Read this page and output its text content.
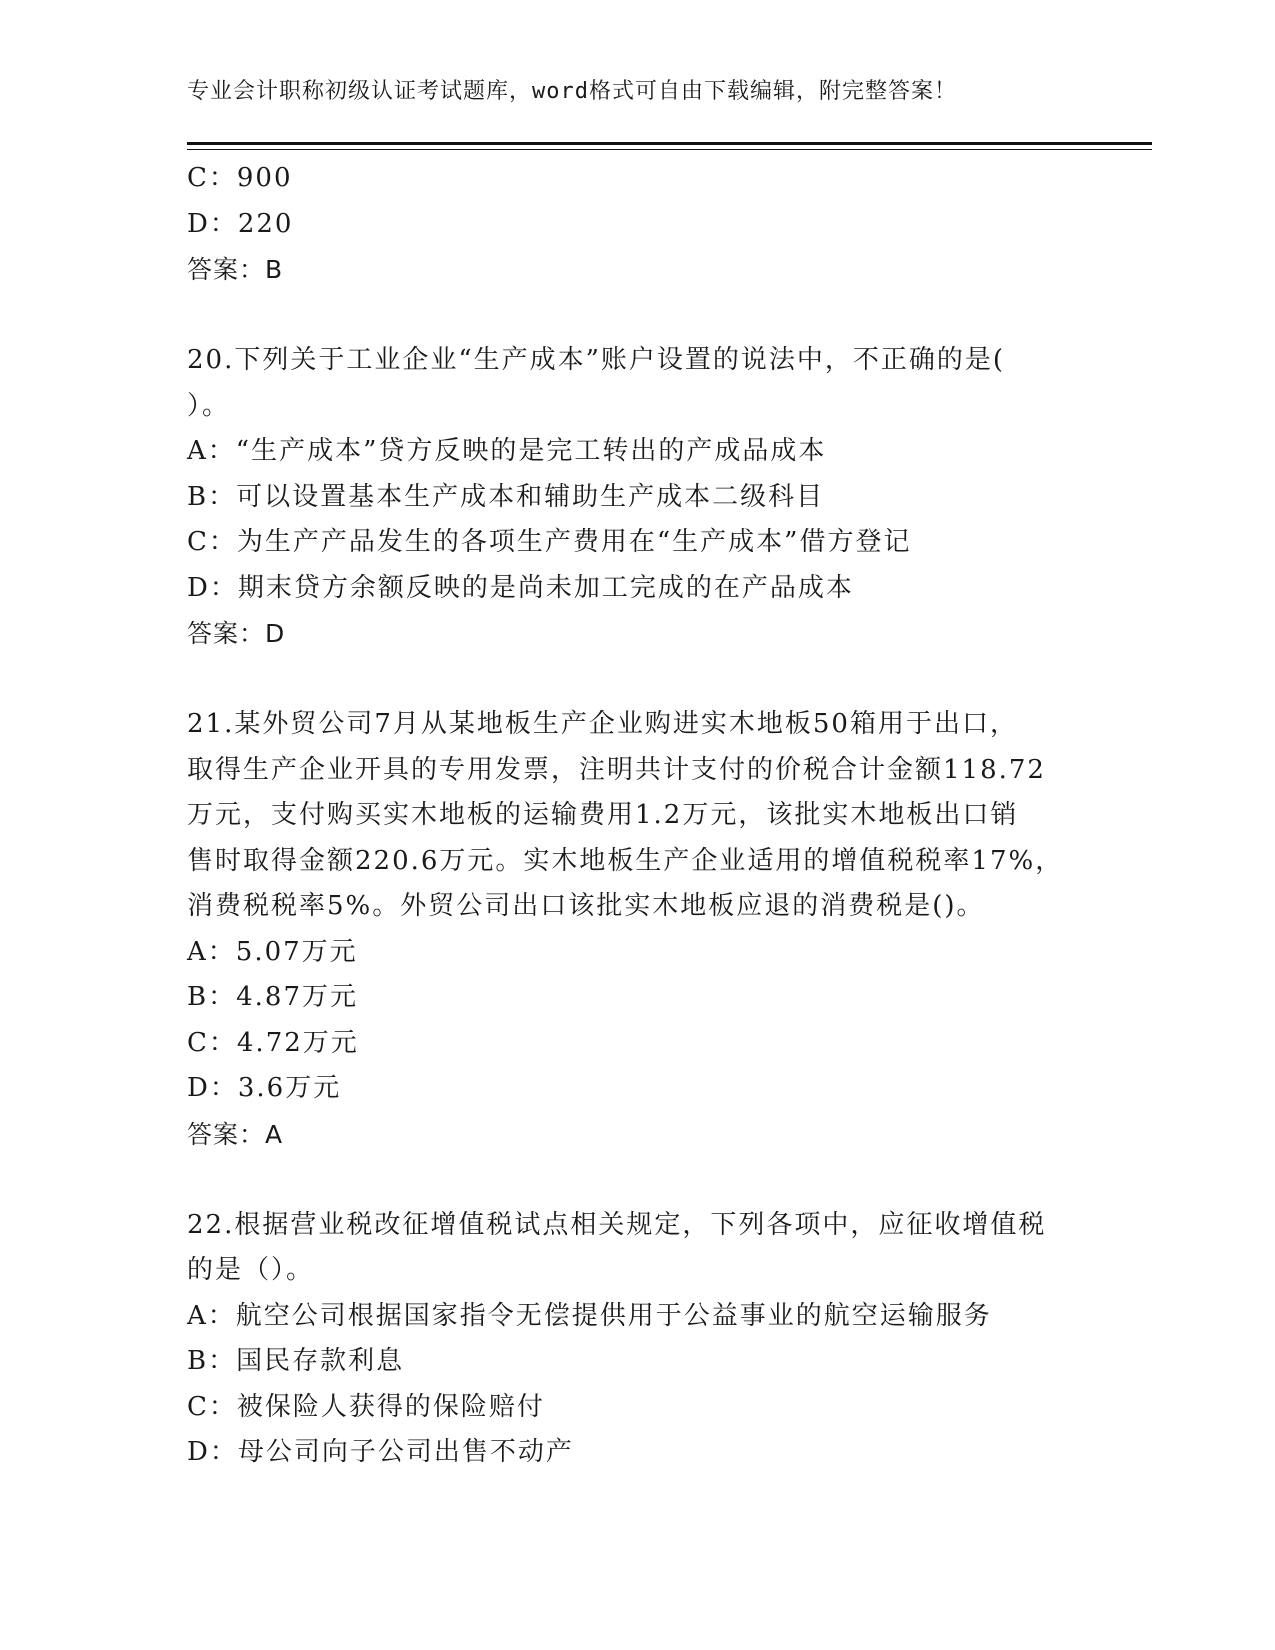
专业会计职称初级认证考试题库，word格式可自由下载编辑，附完整答案！
C：900
D：220
答案：B
20.下列关于工业企业“生产成本”账户设置的说法中，不正确的是(
）。
A：“生产成本”贷方反映的是完工转出的产成品成本
B：可以设置基本生产成本和辅助生产成本二级科目
C：为生产产品发生的各项生产费用在“生产成本”借方登记
D：期末贷方余额反映的是尚未加工完成的在产品成本
答案：D
21.某外贸公司7月从某地板生产企业购进实木地板50箱用于出口，
取得生产企业开具的专用发票，注明共计支付的价税合计金额118.72
万元，支付购买实木地板的运输费用1.2万元，该批实木地板出口销
售时取得金额220.6万元。实木地板生产企业适用的增值税税率17%，
消费税税率5%。外贸公司出口该批实木地板应退的消费税是()。
A：5.07万元
B：4.87万元
C：4.72万元
D：3.6万元
答案：A
22.根据营业税改征增值税试点相关规定，下列各项中，应征收增值税
的是（）。
A：航空公司根据国家指令无偿提供用于公益事业的航空运输服务
B：国民存款利息
C：被保险人获得的保险赔付
D：母公司向子公司出售不动产
